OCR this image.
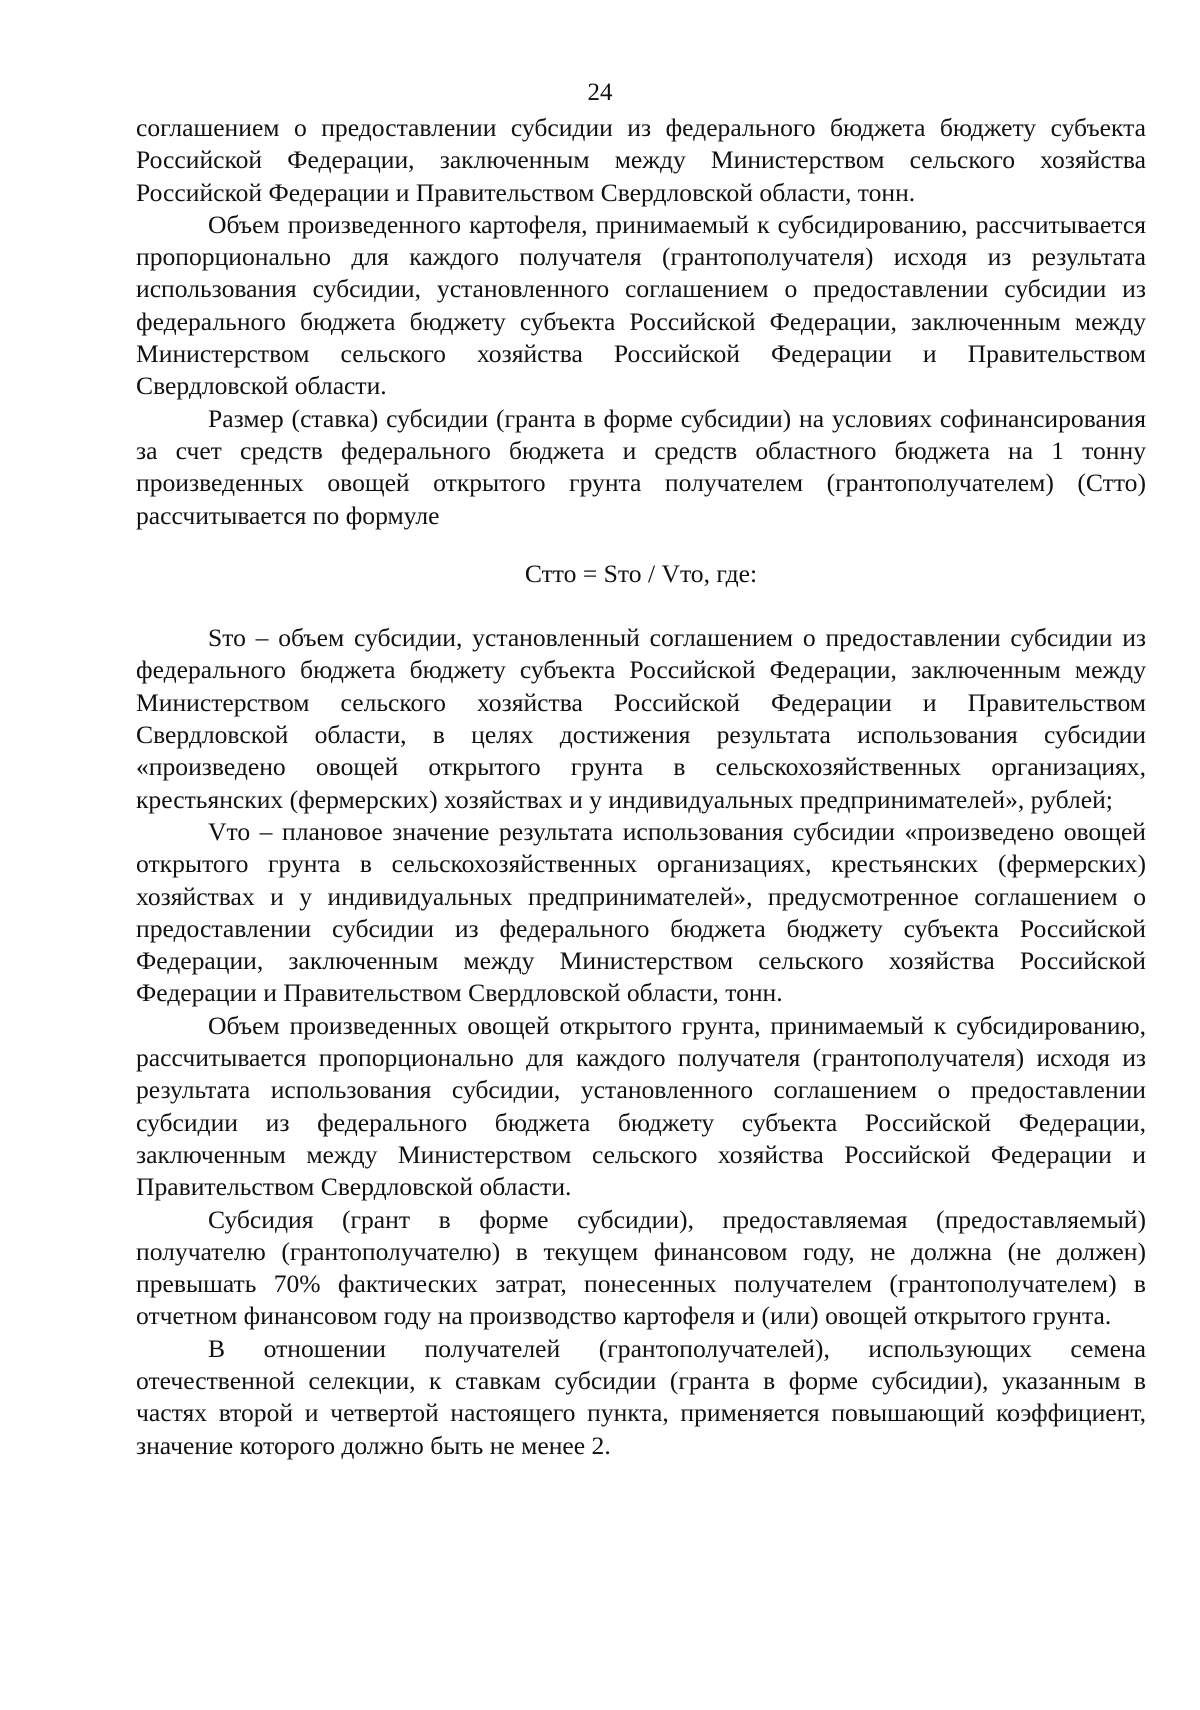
24

соглашением о предоставлении субсидии из федерального бюджета бюджету субъекта Российской Федерации, заключенным между Министерством сельского хозяйства Российской Федерации и Правительством Свердловской области, тонн.

Объем произведенного картофеля, принимаемый к субсидированию, рассчитывается пропорционально для каждого получателя (грантополучателя) исходя из результата использования субсидии, установленного соглашением о предоставлении субсидии из федерального бюджета бюджету субъекта Российской Федерации, заключенным между Министерством сельского хозяйства Российской Федерации и Правительством Свердловской области.

Размер (ставка) субсидии (гранта в форме субсидии) на условиях софинансирования за счет средств федерального бюджета и средств областного бюджета на 1 тонну произведенных овощей открытого грунта получателем (грантополучателем) (Стто) рассчитывается по формуле

Стто = Sто / Vто, где:

Sто – объем субсидии, установленный соглашением о предоставлении субсидии из федерального бюджета бюджету субъекта Российской Федерации, заключенным между Министерством сельского хозяйства Российской Федерации и Правительством Свердловской области, в целях достижения результата использования субсидии «произведено овощей открытого грунта в сельскохозяйственных организациях, крестьянских (фермерских) хозяйствах и у индивидуальных предпринимателей», рублей;

Vто – плановое значение результата использования субсидии «произведено овощей открытого грунта в сельскохозяйственных организациях, крестьянских (фермерских) хозяйствах и у индивидуальных предпринимателей», предусмотренное соглашением о предоставлении субсидии из федерального бюджета бюджету субъекта Российской Федерации, заключенным между Министерством сельского хозяйства Российской Федерации и Правительством Свердловской области, тонн.

Объем произведенных овощей открытого грунта, принимаемый к субсидированию, рассчитывается пропорционально для каждого получателя (грантополучателя) исходя из результата использования субсидии, установленного соглашением о предоставлении субсидии из федерального бюджета бюджету субъекта Российской Федерации, заключенным между Министерством сельского хозяйства Российской Федерации и Правительством Свердловской области.

Субсидия (грант в форме субсидии), предоставляемая (предоставляемый) получателю (грантополучателю) в текущем финансовом году, не должна (не должен) превышать 70% фактических затрат, понесенных получателем (грантополучателем) в отчетном финансовом году на производство картофеля и (или) овощей открытого грунта.

В отношении получателей (грантополучателей), использующих семена отечественной селекции, к ставкам субсидии (гранта в форме субсидии), указанным в частях второй и четвертой настоящего пункта, применяется повышающий коэффициент, значение которого должно быть не менее 2.
